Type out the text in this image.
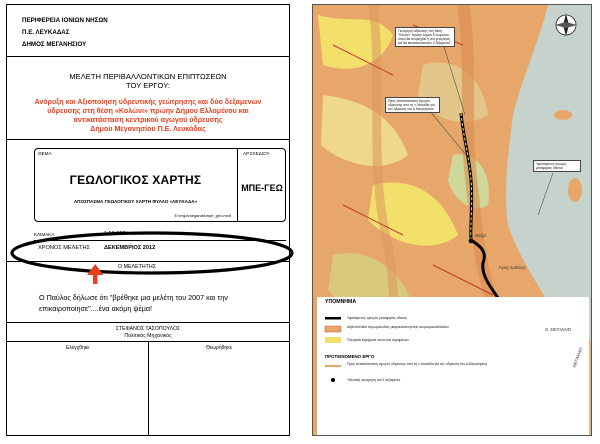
ΠΕΡΙΦΕΡΕΙΑ ΙΟΝΙΩΝ ΝΗΣΩΝ
Π.Ε. ΛΕΥΚΑΔΑΣ
ΔΗΜΟΣ ΜΕΓΑΝΗΣΙΟΥ
ΜΕΛΕΤΗ ΠΕΡΙΒΑΛΛΟΝΤΙΚΩΝ ΕΠΙΠΤΩΣΕΩΝ
ΤΟΥ ΕΡΓΟΥ:
Ανόρυξη και Αξιοποίηση υδρευτικής γεώτρησης και δύο δεξαμενών
ύδρευσης στη θέση «Κολώνι» πρώην Δήμου Ελλομένου και
αντικατάσταση κεντρικού αγωγού ύδρευσης
Δήμου Μεγανησίου Π.Ε. Λευκάδας
ΘΕΜΑ	ΑΡ.ΣΧΕΔΙΟΥ
ΓΕΩΛΟΓΙΚΟΣ ΧΑΡΤΗΣ
ΜΠΕ-ΓΕΩ
ΑΠΟΣΠΑΣΜΑ ΓΕΩΛΟΓΙΚΟΥ ΧΑΡΤΗ ΦΥΛΛΟ «ΛΕΥΚΑΔΑ»
E:\ergo\meganisi\mpe_geo.mxd
ΚΛΙΜΑΚΑ	1:50.000
ΧΡΟΝΟΣ ΜΕΛΕΤΗΣ	ΔΕΚΕΜΒΡΙΟΣ 2012
Ο ΜΕΛΕΤΗΤΗΣ
Ο Παύλος δήλωσε ότι "βρέθηκε μια μελέτη του 2007 και την
επικαιροποίησε"....ένα ακόμη ψέμα!
ΣΤΕΦΑΝΟΣ ΤΑΣΟΠΟΥΛΟΣ
Πολιτικός Μηχανικός
Ελέγχθηκε	Θεωρήθηκε
Γεώτρηση ύδρευσης στη θέση "Κολώνι" πρώην Δήμου Ελλομένου όπου θα ανορυχθεί η νέα γεώτρηση και θα κατασκευαστούν 2 δεξαμενές
Προς αντικατάσταση αγωγός ύδρευσης από τη ν.Λευκάδα για την ύδρευση του Δ.Μεγανησίου
Υφιστάμενος αγωγός μεταφοράς ύδατος
Νυδρί
Άγιος Ιωάννης
Ν. ΜΕΓΑΝΗΣΙ
ΜΕΓΑΝΗΣΙ
ΥΠΟΜΝΗΜΑ
Υφιστάμενος αγωγός μεταφοράς ύδατος
Ασβεστόλιθοι στρωματώδεις μικροκλαστογενείς και μικροκλαδόλιθοι
Πλευρικά κορήματα και κώνοι κορημάτων
ΠΡΟΤΕΙΝΟΜΕΝΟ ΕΡΓΟ
Προς αντικατάσταση αγωγός ύδρευσης από τη ν.Λευκάδα για την ύδρευση του Δ.Μεγανησίου
Υδευτική γεώτρηση και 2 δεξαμενές
